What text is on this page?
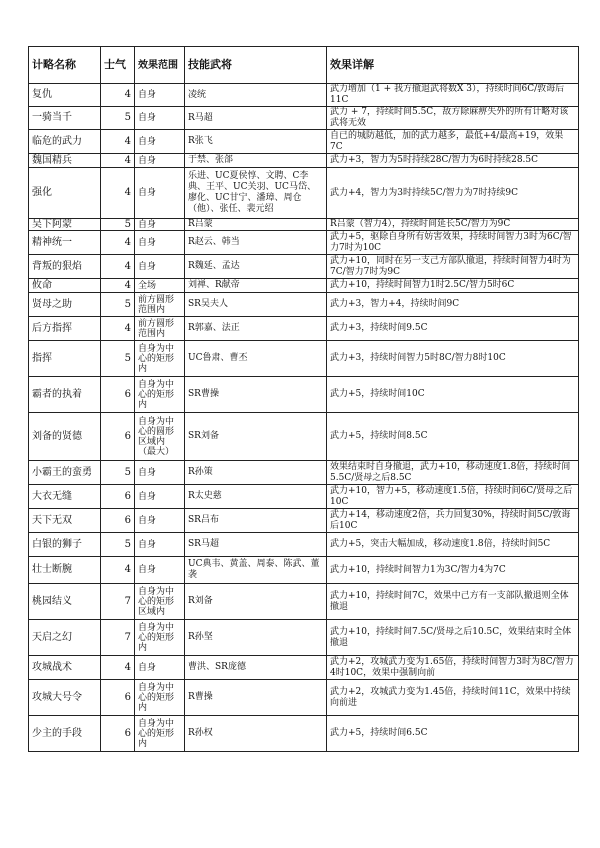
计略名称	士气	效果范围	技能武将	效果详解
复仇	4	自身	凌统	武力增加（1 + 我方撤退武将数X 3），持续时间6C/敦诲后11C
一骑当千	5	自身	R马超	武力 + 7，持续时间5.5C，敌方除麻痹失外的所有计略对该武将无效
临危的武力	4	自身	R张飞	自已的城防越低，加的武力越多，最低+4/最高+19，效果7C
魏国精兵	4	自身	于禁、张郃	武力+3，智力为5时持续28C/智力为6时持续28.5C
强化	4	自身	乐进、UC夏侯惇、文聘、C李典、王平、UC关羽、UC马岱、廖化、UC甘宁、潘璋、周仓（他）、张任、裴元绍	武力+4，智力为3时持续5C/智力为7时持续9C
吴下阿蒙	5	自身	R吕蒙	R吕蒙（智力4），持续时间延长5C/智力为9C
精神统一	4	自身	R赵云、韩当	武力+5，驱除自身所有妨害效果，持续时间智力3时为6C/智力7时为10C
背叛的狠焰	4	自身	R魏延、孟达	武力+10，同时在另一支己方部队撤退，持续时间智力4时为7C/智力7时为9C
攸命	4	全场	刘禅、R献帝	武力+10，持续时间智力1时2.5C/智力5时6C
贤母之助	5	前方圆形范围内	SR吴夫人	武力+3，智力+4，持续时间9C
后方指挥	4	前方圆形范围内	R郭嘉、法正	武力+3，持续时间9.5C
指挥	5	自身为中心的矩形内	UC鲁肃、曹丕	武力+3，持续时间智力5时8C/智力8时10C
霸者的执着	6	自身为中心的矩形内	SR曹操	武力+5，持续时间10C
刘备的贤德	6	自身为中心的圆形区域内（最大）	SR刘备	武力+5，持续时间8.5C
小霸王的蛮勇	5	自身	R孙策	效果结束时自身撤退，武力+10，移动速度1.8倍，持续时间5.5C/贤母之后8.5C
大衣无缝	6	自身	R太史慈	武力+10，智力+5，移动速度1.5倍，持续时间6C/贤母之后10C
天下无双	6	自身	SR吕布	武力+14，移动速度2倍，兵力回复30%，持续时间5C/敦诲后10C
白银的狮子	5	自身	SR马超	武力+5，突击大幅加成，移动速度1.8倍，持续时间5C
壮士断腕	4	自身	UC典韦、黄盖、周泰、陈武、董袭	武力+10，持续时间智力1为3C/智力4为7C
桃园结义	7	自身为中心的矩形区域内	R刘备	武力+10，持续时间7C，效果中己方有一支部队撤退则全体撤退
天启之幻	7	自身为中心的矩形内	R孙坚	武力+10，持续时间7.5C/贤母之后10.5C，效果结束时全体撤退
攻城战术	4	自身	曹洪、SR庞德	武力+2，攻城武力变为1.65倍，持续时间智力3时为8C/智力4时10C，效果中强制向前
攻城大号令	6	自身为中心的矩形内	R曹操	武力+2，攻城武力变为1.45倍，持续时间11C，效果中持续向前进
少主的手段	6	自身为中心的矩形内	R孙权	武力+5，持续时间6.5C
